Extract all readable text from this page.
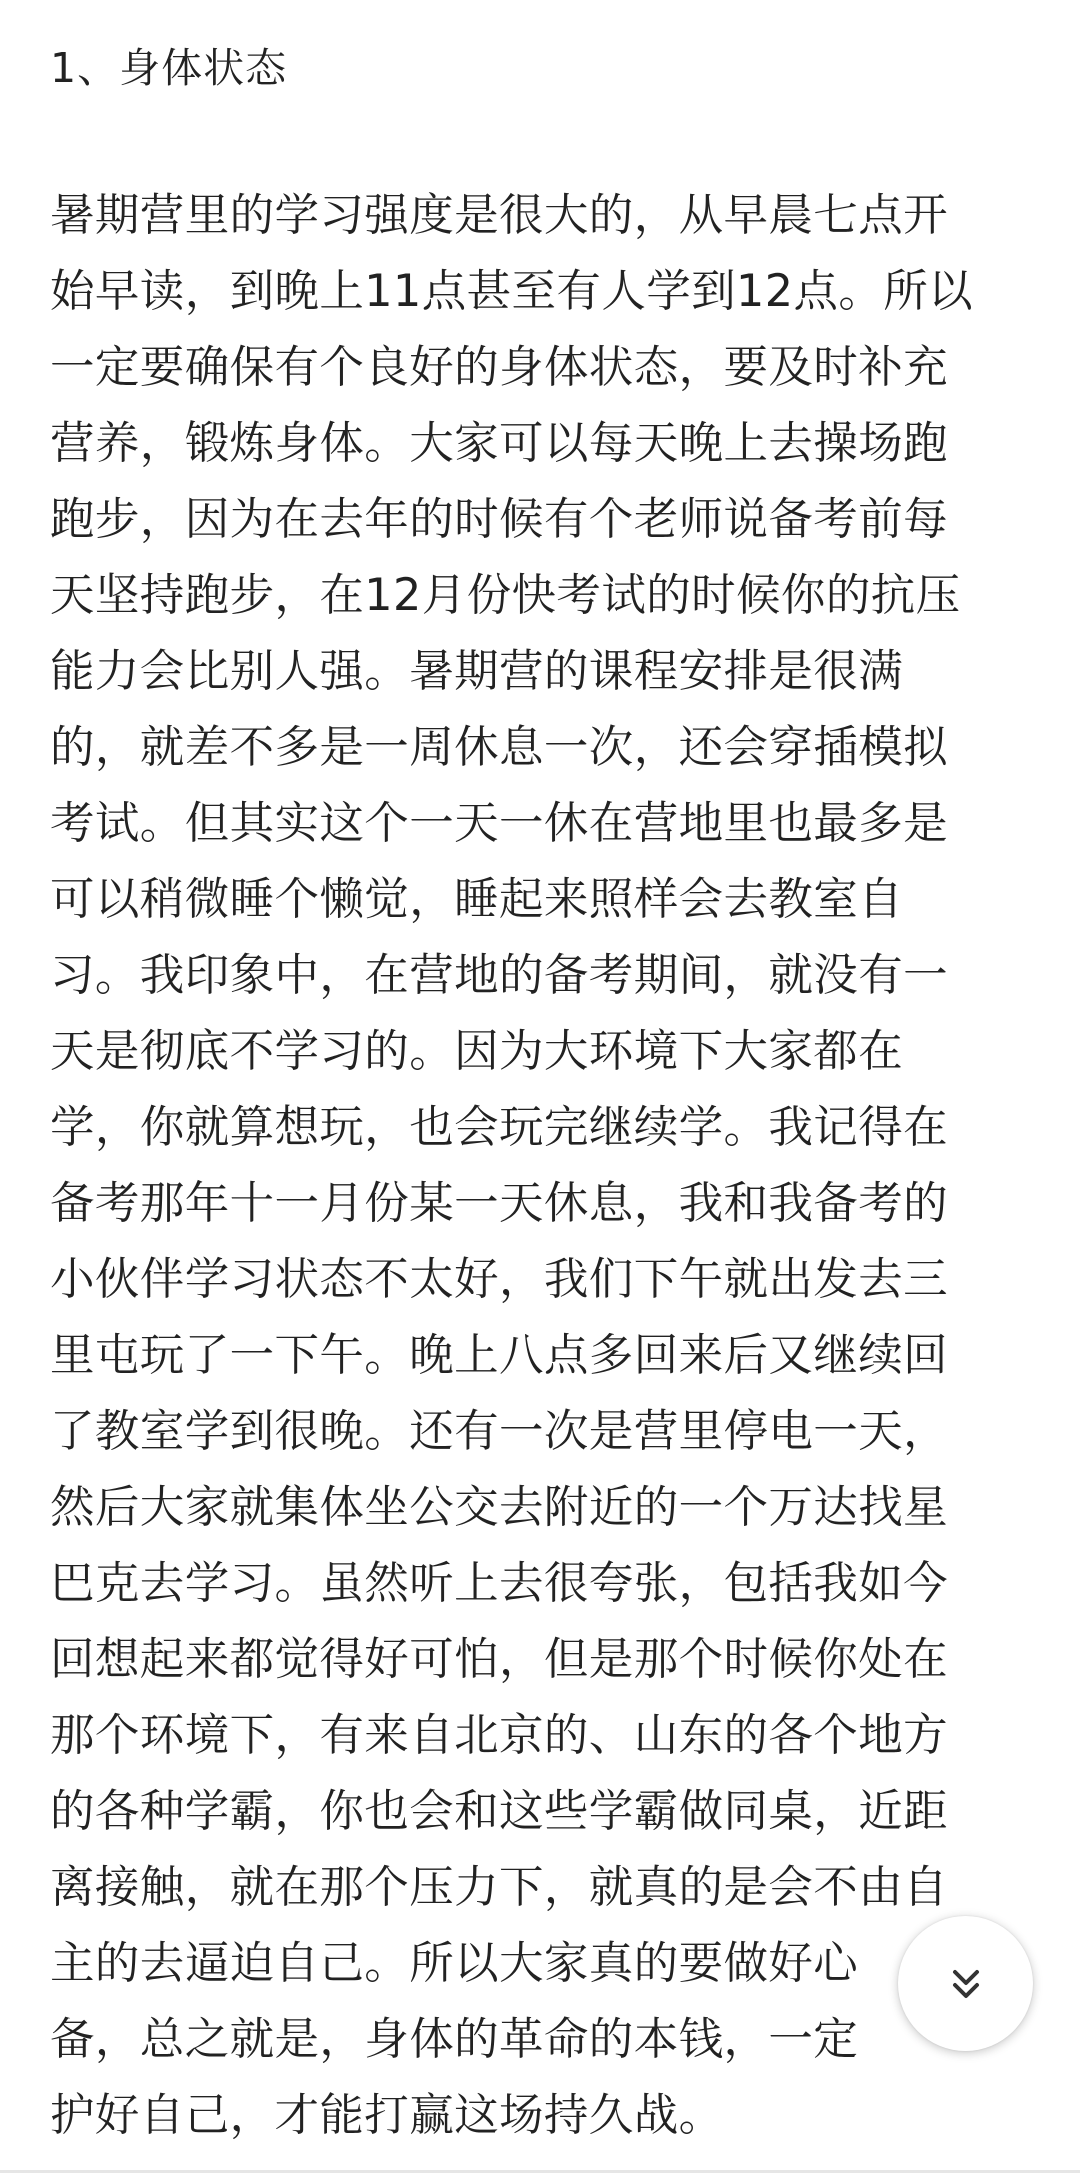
1、身体状态
暑期营里的学习强度是很大的，从早晨七点开
始早读，到晚上11点甚至有人学到12点。所以
一定要确保有个良好的身体状态，要及时补充
营养，锻炼身体。大家可以每天晚上去操场跑
跑步，因为在去年的时候有个老师说备考前每
天坚持跑步，在12月份快考试的时候你的抗压
能力会比别人强。暑期营的课程安排是很满
的，就差不多是一周休息一次，还会穿插模拟
考试。但其实这个一天一休在营地里也最多是
可以稍微睡个懒觉，睡起来照样会去教室自
习。我印象中，在营地的备考期间，就没有一
天是彻底不学习的。因为大环境下大家都在
学，你就算想玩，也会玩完继续学。我记得在
备考那年十一月份某一天休息，我和我备考的
小伙伴学习状态不太好，我们下午就出发去三
里屯玩了一下午。晚上八点多回来后又继续回
了教室学到很晚。还有一次是营里停电一天，
然后大家就集体坐公交去附近的一个万达找星
巴克去学习。虽然听上去很夸张，包括我如今
回想起来都觉得好可怕，但是那个时候你处在
那个环境下，有来自北京的、山东的各个地方
的各种学霸，你也会和这些学霸做同桌，近距
离接触，就在那个压力下，就真的是会不由自
主的去逼迫自己。所以大家真的要做好心
备，总之就是，身体的革命的本钱，一定
护好自己，才能打赢这场持久战。
